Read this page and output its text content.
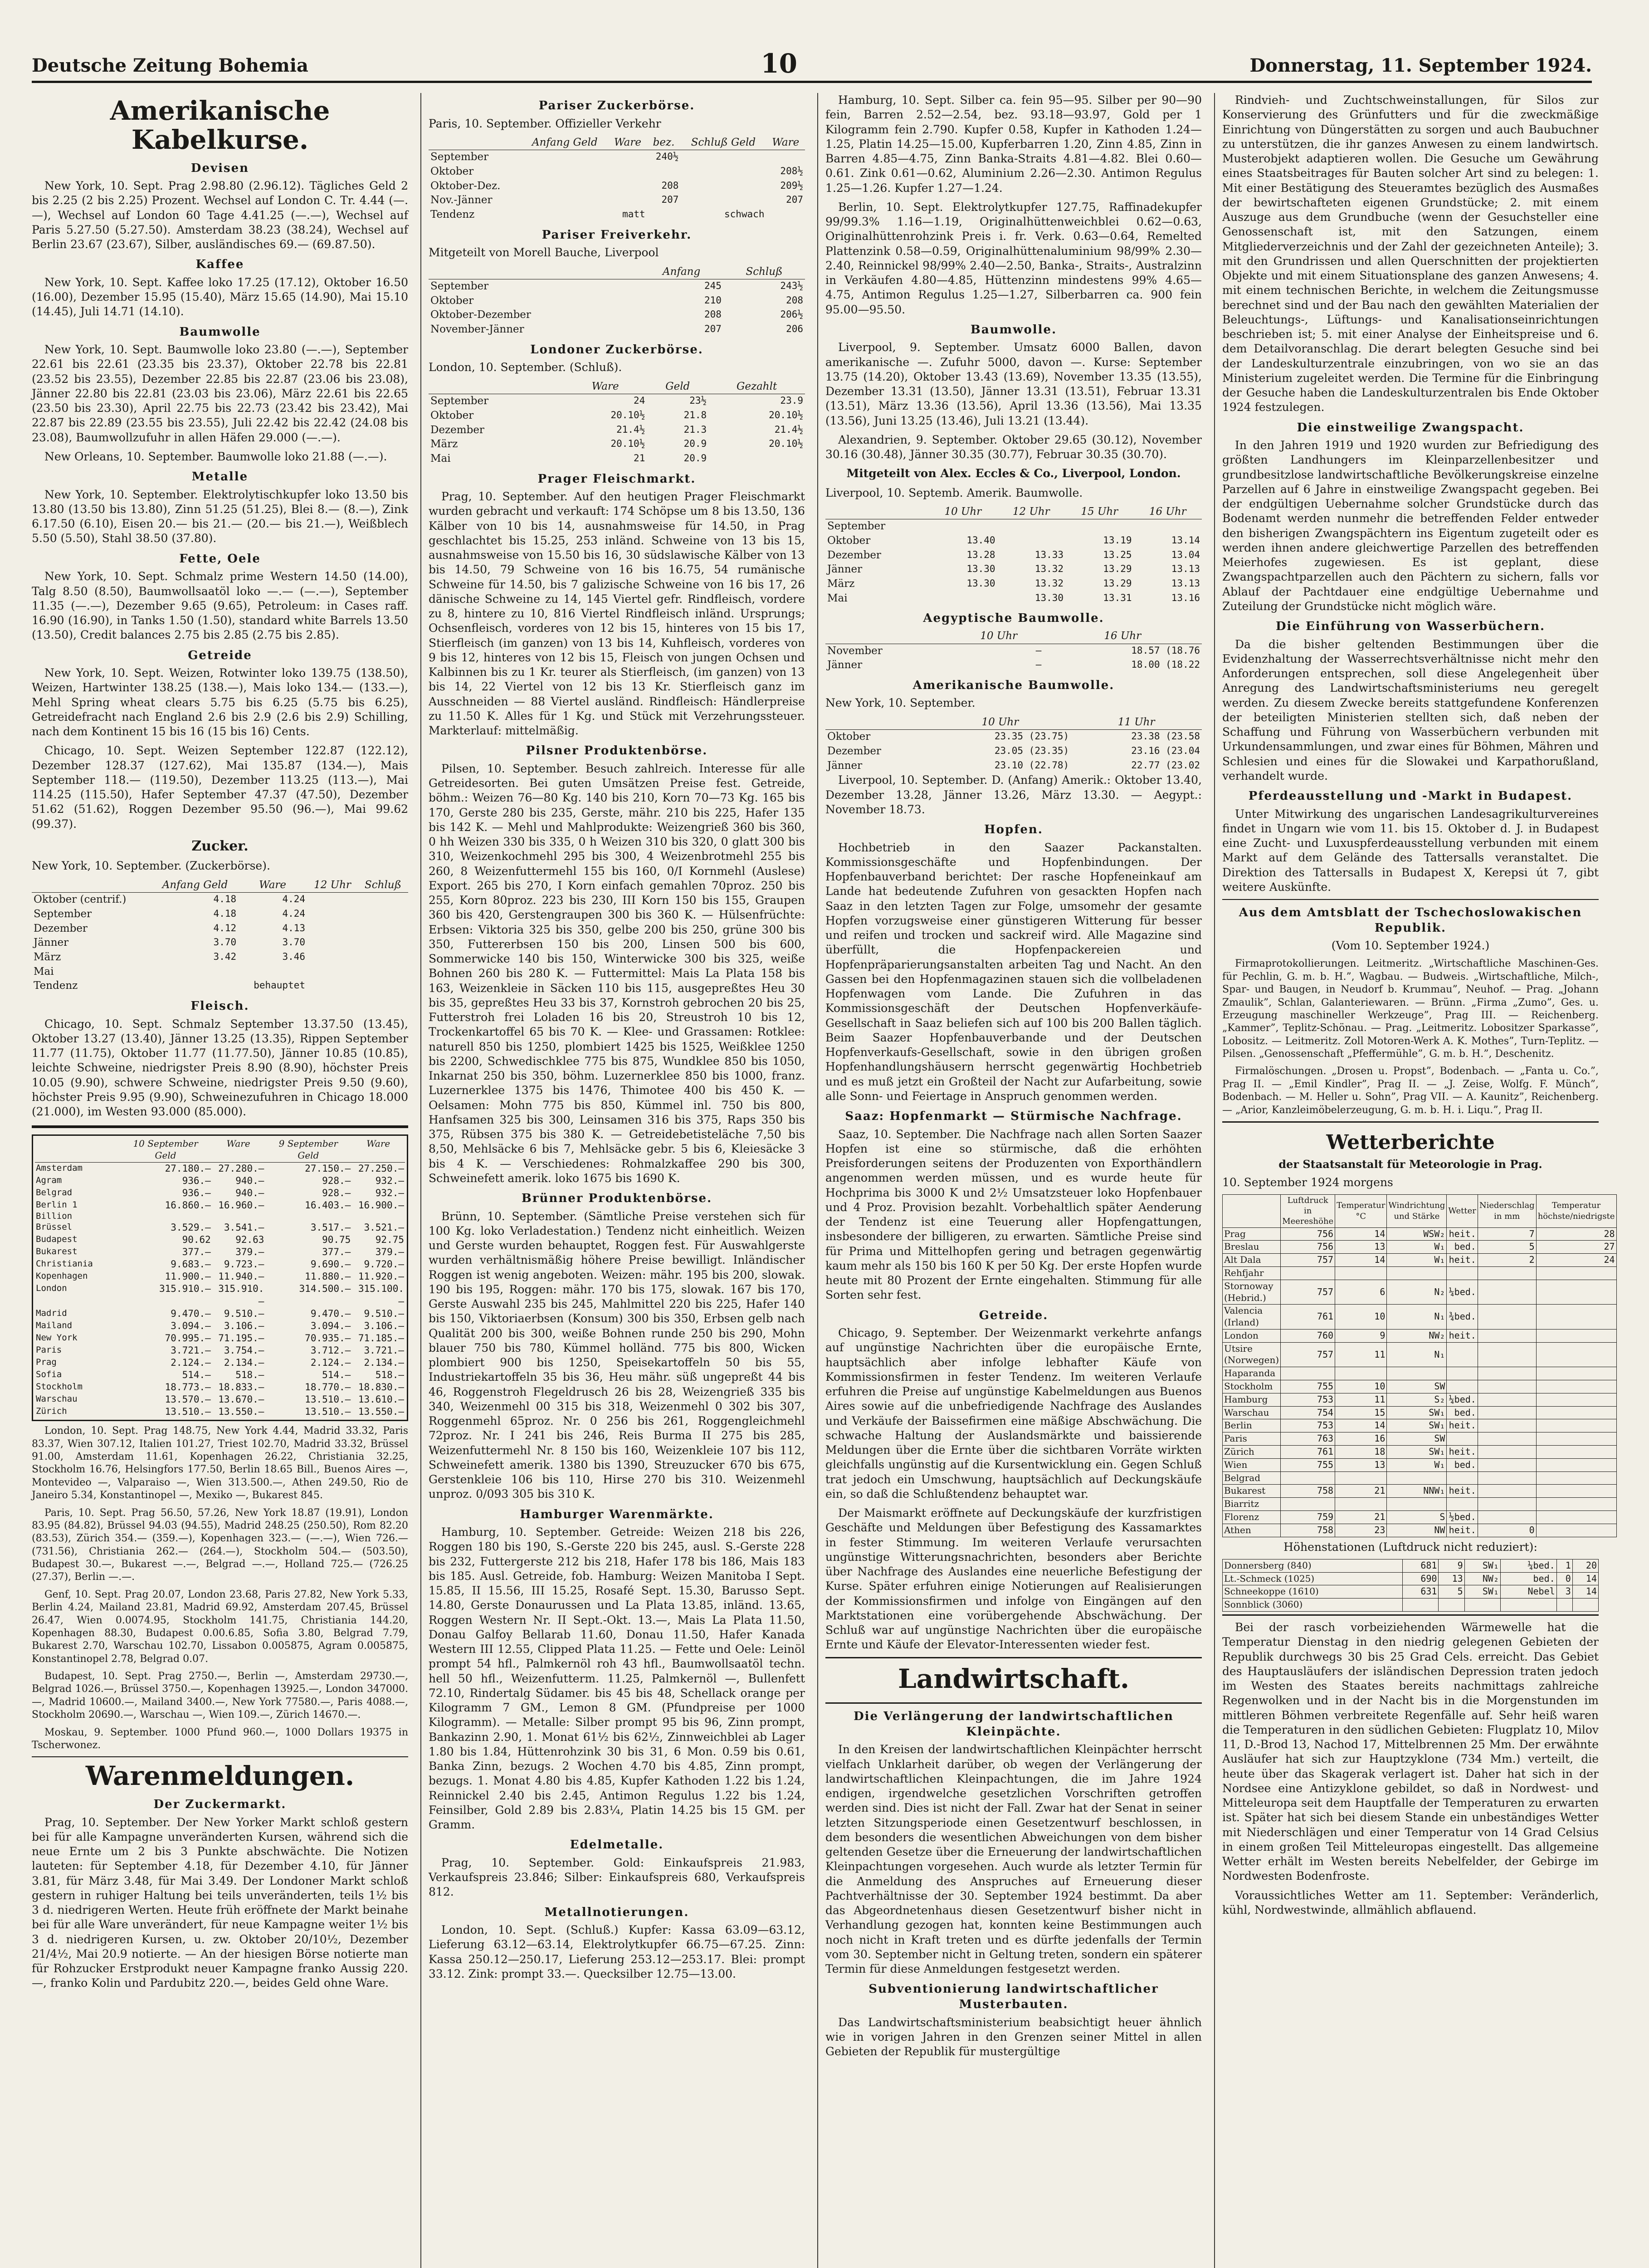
Deutsche Zeitung Bohemia	10	Donnerstag, 11. September 1924.
Amerikanische Kabelkurse.
Devisen

New York, 10. Sept. Prag 2.98.80 (2.96.12). Tägliches Geld 2 bis 2.25 (2 bis 2.25) Prozent. Wechsel auf London C. Tr. 4.44 (—.—), Wechsel auf London 60 Tage 4.41.25 (—.—), Wechsel auf Paris 5.27.50 (5.27.50). Amsterdam 38.23 (38.24), Wechsel auf Berlin 23.67 (23.67), Silber, ausländisches 69.— (69.87.50).

Kaffee

New York, 10. Sept. Kaffee loko 17.25 (17.12), Oktober 16.50 (16.00), Dezember 15.95 (15.40), März 15.65 (14.90), Mai 15.10 (14.45), Juli 14.71 (14.10).

Baumwolle

New York, 10. Sept. Baumwolle loko 23.80 (—.—), September 22.61 bis 22.61 (23.35 bis 23.37), Oktober 22.78 bis 22.81 (23.52 bis 23.55), Dezember 22.85 bis 22.87 (23.06 bis 23.08), Jänner 22.80 bis 22.81 (23.03 bis 23.06), März 22.61 bis 22.65 (23.50 bis 23.30), April 22.75 bis 22.73 (23.42 bis 23.42), Mai 22.87 bis 22.89 (23.55 bis 23.55), Juli 22.42 bis 22.42 (24.08 bis 23.08), Baumwollzufuhr in allen Häfen 29.000 (—.—).

New Orleans, 10. September. Baumwolle loko 21.88 (—.—).

Metalle

New York, 10. September. Elektrolytischkupfer loko 13.50 bis 13.80 (13.50 bis 13.80), Zinn 51.25 (51.25), Blei 8.— (8.—), Zink 6.17.50 (6.10), Eisen 20.— bis 21.— (20.— bis 21.—), Weißblech 5.50 (5.50), Stahl 38.50 (37.80).

Fette, Oele

New York, 10. Sept. Schmalz prime Western 14.50 (14.00), Talg 8.50 (8.50), Baumwollsaatöl loko —.— (—.—), September 11.35 (—.—), Dezember 9.65 (9.65), Petroleum: in Cases raff. 16.90 (16.90), in Tanks 1.50 (1.50), standard white Barrels 13.50 (13.50), Credit balances 2.75 bis 2.85 (2.75 bis 2.85).

Getreide

New York, 10. Sept. Weizen, Rotwinter loko 139.75 (138.50), Weizen, Hartwinter 138.25 (138.—), Mais loko 134.— (133.—), Mehl Spring wheat clears 5.75 bis 6.25 (5.75 bis 6.25), Getreidefracht nach England 2.6 bis 2.9 (2.6 bis 2.9) Schilling, nach dem Kontinent 15 bis 16 (15 bis 16) Cents.

Chicago, 10. Sept. Weizen September 122.87 (122.12), Dezember 128.37 (127.62), Mai 135.87 (134.—), Mais September 118.— (119.50), Dezember 113.25 (113.—), Mai 114.25 (115.50), Hafer September 47.37 (47.50), Dezember 51.62 (51.62), Roggen Dezember 95.50 (96.—), Mai 99.62 (99.37).

Zucker.

New York, 10. September. (Zuckerbörse).

	Anfang Geld	Ware	12 Uhr	Schluß
Oktober (centrif.)	4.18	4.24		
September	4.18	4.24		
Dezember	4.12	4.13		
Jänner	3.70	3.70		
März	3.42	3.46		
Mai				
Tendenz		behauptet		
Fleisch.

Chicago, 10. Sept. Schmalz September 13.37.50 (13.45), Oktober 13.27 (13.40), Jänner 13.25 (13.35), Rippen September 11.77 (11.75), Oktober 11.77 (11.77.50), Jänner 10.85 (10.85), leichte Schweine, niedrigster Preis 8.90 (8.90), höchster Preis 10.05 (9.90), schwere Schweine, niedrigster Preis 9.50 (9.60), höchster Preis 9.95 (9.90), Schweinezufuhren in Chicago 18.000 (21.000), im Westen 93.000 (85.000).

	10 September Geld	Ware	9 September Geld	Ware
Amsterdam	27.180.—	27.280.—	27.150.—	27.250.—
Agram	936.—	940.—	928.—	932.—
Belgrad	936.—	940.—	928.—	932.—
Berlin 1 Billion	16.860.—	16.960.—	16.403.—	16.900.—
Brüssel	3.529.—	3.541.—	3.517.—	3.521.—
Budapest	90.62	92.63	90.75	92.75
Bukarest	377.—	379.—	377.—	379.—
Christiania	9.683.—	9.723.—	9.690.—	9.720.—
Kopenhagen	11.900.—	11.940.—	11.880.—	11.920.—
London	315.910.—	315.910.—	314.500.—	315.100.—
Madrid	9.470.—	9.510.—	9.470.—	9.510.—
Mailand	3.094.—	3.106.—	3.094.—	3.106.—
New York	70.995.—	71.195.—	70.935.—	71.185.—
Paris	3.721.—	3.754.—	3.712.—	3.721.—
Prag	2.124.—	2.134.—	2.124.—	2.134.—
Sofia	514.—	518.—	514.—	518.—
Stockholm	18.773.—	18.833.—	18.770.—	18.830.—
Warschau	13.570.—	13.670.—	13.510.—	13.610.—
Zürich	13.510.—	13.550.—	13.510.—	13.550.—

London, 10. Sept. Prag 148.75, New York 4.44, Madrid 33.32, Paris 83.37, Wien 307.12, Italien 101.27, Triest 102.70, Madrid 33.32, Brüssel 91.00, Amsterdam 11.61, Kopenhagen 26.22, Christiania 32.25, Stockholm 16.76, Helsingfors 177.50, Berlin 18.65 Bill., Buenos Aires —, Montevideo —, Valparaiso —, Wien 313.500.—, Athen 249.50, Rio de Janeiro 5.34, Konstantinopel —, Mexiko —, Bukarest 845.

Paris, 10. Sept. Prag 56.50, 57.26, New York 18.87 (19.91), London 83.95 (84.82), Brüssel 94.03 (94.55), Madrid 248.25 (250.50), Rom 82.20 (83.53), Zürich 354.— (359.—), Kopenhagen 323.— (—.—), Wien 726.— (731.56), Christiania 262.— (264.—), Stockholm 504.— (503.50), Budapest 30.—, Bukarest —.—, Belgrad —.—, Holland 725.— (726.25 (27.37), Berlin —.—.

Genf, 10. Sept. Prag 20.07, London 23.68, Paris 27.82, New York 5.33, Berlin 4.24, Mailand 23.81, Madrid 69.92, Amsterdam 207.45, Brüssel 26.47, Wien 0.0074.95, Stockholm 141.75, Christiania 144.20, Kopenhagen 88.30, Budapest 0.00.6.85, Sofia 3.80, Belgrad 7.79, Bukarest 2.70, Warschau 102.70, Lissabon 0.005875, Agram 0.005875, Konstantinopel 2.78, Belgrad 0.07.

Budapest, 10. Sept. Prag 2750.—, Berlin —, Amsterdam 29730.—, Belgrad 1026.—, Brüssel 3750.—, Kopenhagen 13925.—, London 347000.—, Madrid 10600.—, Mailand 3400.—, New York 77580.—, Paris 4088.—, Stockholm 20690.—, Warschau —, Wien 109.—, Zürich 14670.—.

Moskau, 9. September. 1000 Pfund 960.—, 1000 Dollars 19375 in Tscherwonez.

Warenmeldungen.
Der Zuckermarkt.

Prag, 10. September. Der New Yorker Markt schloß gestern bei für alle Kampagne unveränderten Kursen, während sich die neue Ernte um 2 bis 3 Punkte abschwächte. Die Notizen lauteten: für September 4.18, für Dezember 4.10, für Jänner 3.81, für März 3.48, für Mai 3.49. Der Londoner Markt schloß gestern in ruhiger Haltung bei teils unveränderten, teils 1½ bis 3 d. niedrigeren Werten. Heute früh eröffnete der Markt beinahe bei für alle Ware unverändert, für neue Kampagne weiter 1½ bis 3 d. niedrigeren Kursen, u. zw. Oktober 20/10½, Dezember 21/4½, Mai 20.9 notierte. — An der hiesigen Börse notierte man für Rohzucker Erstprodukt neuer Kampagne franko Aussig 220.—, franko Kolin und Pardubitz 220.—, beides Geld ohne Ware.

Pariser Zuckerbörse.

Paris, 10. September. Offizieller Verkehr

	Anfang Geld	Ware	bez.	Schluß Geld	Ware
September			240½		
Oktober					208½
Oktober-Dez.			208		209½
Nov.-Jänner			207		207
Tendenz		matt		schwach	
Pariser Freiverkehr.

Mitgeteilt von Morell Bauche, Liverpool

	Anfang	Schluß
September	245	243½
Oktober	210	208
Oktober-Dezember	208	206½
November-Jänner	207	206
Londoner Zuckerbörse.

London, 10. September. (Schluß).

	Ware	Geld	Gezahlt
September	24	23½	23.9
Oktober	20.10½	21.8	20.10½
Dezember	21.4½	21.3	21.4½
März	20.10½	20.9	20.10½
Mai	21	20.9	
Prager Fleischmarkt.

Prag, 10. September. Auf den heutigen Prager Fleischmarkt wurden gebracht und verkauft: 174 Schöpse um 8 bis 13.50, 136 Kälber von 10 bis 14, ausnahmsweise für 14.50, in Prag geschlachtet bis 15.25, 253 inländ. Schweine von 13 bis 15, ausnahmsweise von 15.50 bis 16, 30 südslawische Kälber von 13 bis 14.50, 79 Schweine von 16 bis 16.75, 54 rumänische Schweine für 14.50, bis 7 galizische Schweine von 16 bis 17, 26 dänische Schweine zu 14, 145 Viertel gefr. Rindfleisch, vordere zu 8, hintere zu 10, 816 Viertel Rindfleisch inländ. Ursprungs; Ochsenfleisch, vorderes von 12 bis 15, hinteres von 15 bis 17, Stierfleisch (im ganzen) von 13 bis 14, Kuhfleisch, vorderes von 9 bis 12, hinteres von 12 bis 15, Fleisch von jungen Ochsen und Kalbinnen bis zu 1 Kr. teurer als Stierfleisch, (im ganzen) von 13 bis 14, 22 Viertel von 12 bis 13 Kr. Stierfleisch ganz im Ausschneiden — 88 Viertel ausländ. Rindfleisch: Händlerpreise zu 11.50 K. Alles für 1 Kg. und Stück mit Verzehrungssteuer. Markterlauf: mittelmäßig.

Pilsner Produktenbörse.

Pilsen, 10. September. Besuch zahlreich. Interesse für alle Getreidesorten. Bei guten Umsätzen Preise fest. Getreide, böhm.: Weizen 76—80 Kg. 140 bis 210, Korn 70—73 Kg. 165 bis 170, Gerste 280 bis 235, Gerste, mähr. 210 bis 225, Hafer 135 bis 142 K. — Mehl und Mahlprodukte: Weizengrieß 360 bis 360, 0 hh Weizen 330 bis 335, 0 h Weizen 310 bis 320, 0 glatt 300 bis 310, Weizenkochmehl 295 bis 300, 4 Weizenbrotmehl 255 bis 260, 8 Weizenfuttermehl 155 bis 160, 0/I Kornmehl (Auslese) Export. 265 bis 270, I Korn einfach gemahlen 70proz. 250 bis 255, Korn 80proz. 223 bis 230, III Korn 150 bis 155, Graupen 360 bis 420, Gerstengraupen 300 bis 360 K. — Hülsenfrüchte: Erbsen: Viktoria 325 bis 350, gelbe 200 bis 250, grüne 300 bis 350, Futtererbsen 150 bis 200, Linsen 500 bis 600, Sommerwicke 140 bis 150, Winterwicke 300 bis 325, weiße Bohnen 260 bis 280 K. — Futtermittel: Mais La Plata 158 bis 163, Weizenkleie in Säcken 110 bis 115, ausgepreßtes Heu 30 bis 35, gepreßtes Heu 33 bis 37, Kornstroh gebrochen 20 bis 25, Futterstroh frei Loladen 16 bis 20, Streustroh 10 bis 12, Trockenkartoffel 65 bis 70 K. — Klee- und Grassamen: Rotklee: naturell 850 bis 1250, plombiert 1425 bis 1525, Weißklee 1250 bis 2200, Schwedischklee 775 bis 875, Wundklee 850 bis 1050, Inkarnat 250 bis 350, böhm. Luzernerklee 850 bis 1000, franz. Luzernerklee 1375 bis 1476, Thimotee 400 bis 450 K. — Oelsamen: Mohn 775 bis 850, Kümmel inl. 750 bis 800, Hanfsamen 325 bis 300, Leinsamen 316 bis 375, Raps 350 bis 375, Rübsen 375 bis 380 K. — Getreidebetisteläche 7,50 bis 8,50, Mehlsäcke 6 bis 7, Mehlsäcke gebr. 5 bis 6, Kleiesäcke 3 bis 4 K. — Verschiedenes: Rohmalzkaffee 290 bis 300, Schweinefett amerik. loko 1675 bis 1690 K.

Brünner Produktenbörse.

Brünn, 10. September. (Sämtliche Preise verstehen sich für 100 Kg. loko Verladestation.) Tendenz nicht einheitlich. Weizen und Gerste wurden behauptet, Roggen fest. Für Auswahlgerste wurden verhältnismäßig höhere Preise bewilligt. Inländischer Roggen ist wenig angeboten. Weizen: mähr. 195 bis 200, slowak. 190 bis 195, Roggen: mähr. 170 bis 175, slowak. 167 bis 170, Gerste Auswahl 235 bis 245, Mahlmittel 220 bis 225, Hafer 140 bis 150, Viktoriaerbsen (Konsum) 300 bis 350, Erbsen gelb nach Qualität 200 bis 300, weiße Bohnen runde 250 bis 290, Mohn blauer 750 bis 780, Kümmel holländ. 775 bis 800, Wicken plombiert 900 bis 1250, Speisekartoffeln 50 bis 55, Industriekartoffeln 35 bis 36, Heu mähr. süß ungepreßt 44 bis 46, Roggenstroh Flegeldrusch 26 bis 28, Weizengrieß 335 bis 340, Weizenmehl 00 315 bis 318, Weizenmehl 0 302 bis 307, Roggenmehl 65proz. Nr. 0 256 bis 261, Roggengleichmehl 72proz. Nr. I 241 bis 246, Reis Burma II 275 bis 285, Weizenfuttermehl Nr. 8 150 bis 160, Weizenkleie 107 bis 112, Schweinefett amerik. 1380 bis 1390, Streuzucker 670 bis 675, Gerstenkleie 106 bis 110, Hirse 270 bis 310. Weizenmehl unproz. 0/093 305 bis 310 K.

Hamburger Warenmärkte.

Hamburg, 10. September. Getreide: Weizen 218 bis 226, Roggen 180 bis 190, S.-Gerste 220 bis 245, ausl. S.-Gerste 228 bis 232, Futtergerste 212 bis 218, Hafer 178 bis 186, Mais 183 bis 185. Ausl. Getreide, fob. Hamburg: Weizen Manitoba I Sept. 15.85, II 15.56, III 15.25, Rosafé Sept. 15.30, Barusso Sept. 14.80, Gerste Donaurussen und La Plata 13.85, inländ. 13.65, Roggen Western Nr. II Sept.-Okt. 13.—, Mais La Plata 11.50, Donau Galfoy Bellarab 11.60, Donau 11.50, Hafer Kanada Western III 12.55, Clipped Plata 11.25. — Fette und Oele: Leinöl prompt 54 hfl., Palmkernöl roh 43 hfl., Baumwollsaatöl techn. hell 50 hfl., Weizenfutterm. 11.25, Palmkernöl —, Bullenfett 72.10, Rindertalg Südamer. bis 45 bis 48, Schellack orange per Kilogramm 7 GM., Lemon 8 GM. (Pfundpreise per 1000 Kilogramm). — Metalle: Silber prompt 95 bis 96, Zinn prompt, Bankazinn 2.90, 1. Monat 61½ bis 62½, Zinnweichblei ab Lager 1.80 bis 1.84, Hüttenrohzink 30 bis 31, 6 Mon. 0.59 bis 0.61, Banka Zinn, bezugs. 2 Wochen 4.70 bis 4.85, Zinn prompt, bezugs. 1. Monat 4.80 bis 4.85, Kupfer Kathoden 1.22 bis 1.24, Reinnickel 2.40 bis 2.45, Antimon Regulus 1.22 bis 1.24, Feinsilber, Gold 2.89 bis 2.83¼, Platin 14.25 bis 15 GM. per Gramm.

Edelmetalle.

Prag, 10. September. Gold: Einkaufspreis 21.983, Verkaufspreis 23.846; Silber: Einkaufspreis 680, Verkaufspreis 812.

Metallnotierungen.

London, 10. Sept. (Schluß.) Kupfer: Kassa 63.09—63.12, Lieferung 63.12—63.14, Elektrolytkupfer 66.75—67.25. Zinn: Kassa 250.12—250.17, Lieferung 253.12—253.17. Blei: prompt 33.12. Zink: prompt 33.—. Quecksilber 12.75—13.00.

Hamburg, 10. Sept. Silber ca. fein 95—95. Silber per 90—90 fein, Barren 2.52—2.54, bez. 93.18—93.97, Gold per 1 Kilogramm fein 2.790. Kupfer 0.58, Kupfer in Kathoden 1.24—1.25, Platin 14.25—15.00, Kupferbarren 1.20, Zinn 4.85, Zinn in Barren 4.85—4.75, Zinn Banka-Straits 4.81—4.82. Blei 0.60—0.61. Zink 0.61—0.62, Aluminium 2.26—2.30. Antimon Regulus 1.25—1.26. Kupfer 1.27—1.24.

Berlin, 10. Sept. Elektrolytkupfer 127.75, Raffinadekupfer 99/99.3% 1.16—1.19, Originalhüttenweichblei 0.62—0.63, Originalhüttenrohzink Preis i. fr. Verk. 0.63—0.64, Remelted Plattenzink 0.58—0.59, Originalhüttenaluminium 98/99% 2.30—2.40, Reinnickel 98/99% 2.40—2.50, Banka-, Straits-, Australzinn in Verkäufen 4.80—4.85, Hüttenzinn mindestens 99% 4.65—4.75, Antimon Regulus 1.25—1.27, Silberbarren ca. 900 fein 95.00—95.50.

Baumwolle.

Liverpool, 9. September. Umsatz 6000 Ballen, davon amerikanische —. Zufuhr 5000, davon —. Kurse: September 13.75 (14.20), Oktober 13.43 (13.69), November 13.35 (13.55), Dezember 13.31 (13.50), Jänner 13.31 (13.51), Februar 13.31 (13.51), März 13.36 (13.56), April 13.36 (13.56), Mai 13.35 (13.56), Juni 13.25 (13.46), Juli 13.21 (13.44).

Alexandrien, 9. September. Oktober 29.65 (30.12), November 30.16 (30.48), Jänner 30.35 (30.77), Februar 30.35 (30.70).

Mitgeteilt von Alex. Eccles & Co., Liverpool, London.

Liverpool, 10. Septemb. Amerik. Baumwolle.

	10 Uhr	12 Uhr	15 Uhr	16 Uhr
September				
Oktober	13.40		13.19	13.14
Dezember	13.28	13.33	13.25	13.04
Jänner	13.30	13.32	13.29	13.13
März	13.30	13.32	13.29	13.13
Mai		13.30	13.31	13.16
Aegyptische Baumwolle.
	10 Uhr	16 Uhr
November	—	18.57 (18.76
Jänner	—	18.00 (18.22
Amerikanische Baumwolle.

New York, 10. September.

	10 Uhr	11 Uhr
Oktober	23.35 (23.75)	23.38 (23.58
Dezember	23.05 (23.35)	23.16 (23.04
Jänner	23.10 (22.78)	22.77 (23.02

Liverpool, 10. September. D. (Anfang) Amerik.: Oktober 13.40, Dezember 13.28, Jänner 13.26, März 13.30. — Aegypt.: November 18.73.

Hopfen.

Hochbetrieb in den Saazer Packanstalten. Kommissionsgeschäfte und Hopfenbindungen. Der Hopfenbauverband berichtet: Der rasche Hopfeneinkauf am Lande hat bedeutende Zufuhren von gesackten Hopfen nach Saaz in den letzten Tagen zur Folge, umsomehr der gesamte Hopfen vorzugsweise einer günstigeren Witterung für besser und reifen und trocken und sackreif wird. Alle Magazine sind überfüllt, die Hopfenpackereien und Hopfenpräparierungsanstalten arbeiten Tag und Nacht. An den Gassen bei den Hopfenmagazinen stauen sich die vollbeladenen Hopfenwagen vom Lande. Die Zufuhren in das Kommissionsgeschäft der Deutschen Hopfenverkäufe-Gesellschaft in Saaz beliefen sich auf 100 bis 200 Ballen täglich. Beim Saazer Hopfenbauverbande und der Deutschen Hopfenverkaufs-Gesellschaft, sowie in den übrigen großen Hopfenhandlungshäusern herrscht gegenwärtig Hochbetrieb und es muß jetzt ein Großteil der Nacht zur Aufarbeitung, sowie alle Sonn- und Feiertage in Anspruch genommen werden.

Saaz: Hopfenmarkt — Stürmische Nachfrage.

Saaz, 10. September. Die Nachfrage nach allen Sorten Saazer Hopfen ist eine so stürmische, daß die erhöhten Preisforderungen seitens der Produzenten von Exporthändlern angenommen werden müssen, und es wurde heute für Hochprima bis 3000 K und 2½ Umsatzsteuer loko Hopfenbauer und 4 Proz. Provision bezahlt. Vorbehaltlich später Aenderung der Tendenz ist eine Teuerung aller Hopfengattungen, insbesondere der billigeren, zu erwarten. Sämtliche Preise sind für Prima und Mittelhopfen gering und betragen gegenwärtig kaum mehr als 150 bis 160 K per 50 Kg. Der erste Hopfen wurde heute mit 80 Prozent der Ernte eingehalten. Stimmung für alle Sorten sehr fest.

Getreide.

Chicago, 9. September. Der Weizenmarkt verkehrte anfangs auf ungünstige Nachrichten über die europäische Ernte, hauptsächlich aber infolge lebhafter Käufe von Kommissionsfirmen in fester Tendenz. Im weiteren Verlaufe erfuhren die Preise auf ungünstige Kabelmeldungen aus Buenos Aires sowie auf die unbefriedigende Nachfrage des Auslandes und Verkäufe der Baissefirmen eine mäßige Abschwächung. Die schwache Haltung der Auslandsmärkte und baissierende Meldungen über die Ernte über die sichtbaren Vorräte wirkten gleichfalls ungünstig auf die Kursentwicklung ein. Gegen Schluß trat jedoch ein Umschwung, hauptsächlich auf Deckungskäufe ein, so daß die Schlußtendenz behauptet war.

Der Maismarkt eröffnete auf Deckungskäufe der kurzfristigen Geschäfte und Meldungen über Befestigung des Kassamarktes in fester Stimmung. Im weiteren Verlaufe verursachten ungünstige Witterungsnachrichten, besonders aber Berichte über Nachfrage des Auslandes eine neuerliche Befestigung der Kurse. Später erfuhren einige Notierungen auf Realisierungen der Kommissionsfirmen und infolge von Eingängen auf den Marktstationen eine vorübergehende Abschwächung. Der Schluß war auf ungünstige Nachrichten über die europäische Ernte und Käufe der Elevator-Interessenten wieder fest.

Landwirtschaft.
Die Verlängerung der landwirtschaftlichen Kleinpächte.

In den Kreisen der landwirtschaftlichen Kleinpächter herrscht vielfach Unklarheit darüber, ob wegen der Verlängerung der landwirtschaftlichen Kleinpachtungen, die im Jahre 1924 endigen, irgendwelche gesetzlichen Vorschriften getroffen werden sind. Dies ist nicht der Fall. Zwar hat der Senat in seiner letzten Sitzungsperiode einen Gesetzentwurf beschlossen, in dem besonders die wesentlichen Abweichungen von dem bisher geltenden Gesetze über die Erneuerung der landwirtschaftlichen Kleinpachtungen vorgesehen. Auch wurde als letzter Termin für die Anmeldung des Anspruches auf Erneuerung dieser Pachtverhältnisse der 30. September 1924 bestimmt. Da aber das Abgeordnetenhaus diesen Gesetzentwurf bisher nicht in Verhandlung gezogen hat, konnten keine Bestimmungen auch noch nicht in Kraft treten und es dürfte jedenfalls der Termin vom 30. September nicht in Geltung treten, sondern ein späterer Termin für diese Anmeldungen festgesetzt werden.

Subventionierung landwirtschaftlicher Musterbauten.

Das Landwirtschaftsministerium beabsichtigt heuer ähnlich wie in vorigen Jahren in den Grenzen seiner Mittel in allen Gebieten der Republik für mustergültige

Rindvieh- und Zuchtschweinstallungen, für Silos zur Konservierung des Grünfutters und für die zweckmäßige Einrichtung von Düngerstätten zu sorgen und auch Baubuchner zu unterstützen, die ihr ganzes Anwesen zu einem landwirtsch. Musterobjekt adaptieren wollen. Die Gesuche um Gewährung eines Staatsbeitrages für Bauten solcher Art sind zu belegen: 1. Mit einer Bestätigung des Steueramtes bezüglich des Ausmaßes der bewirtschafteten eigenen Grundstücke; 2. mit einem Auszuge aus dem Grundbuche (wenn der Gesuchsteller eine Genossenschaft ist, mit den Satzungen, einem Mitgliederverzeichnis und der Zahl der gezeichneten Anteile); 3. mit den Grundrissen und allen Querschnitten der projektierten Objekte und mit einem Situationsplane des ganzen Anwesens; 4. mit einem technischen Berichte, in welchem die Zeitungsmusse berechnet sind und der Bau nach den gewählten Materialien der Beleuchtungs-, Lüftungs- und Kanalisationseinrichtungen beschrieben ist; 5. mit einer Analyse der Einheitspreise und 6. dem Detailvoranschlag. Die derart belegten Gesuche sind bei der Landeskulturzentrale einzubringen, von wo sie an das Ministerium zugeleitet werden. Die Termine für die Einbringung der Gesuche haben die Landeskulturzentralen bis Ende Oktober 1924 festzulegen.

Die einstweilige Zwangspacht.

In den Jahren 1919 und 1920 wurden zur Befriedigung des größten Landhungers im Kleinparzellenbesitzer und grundbesitzlose landwirtschaftliche Bevölkerungskreise einzelne Parzellen auf 6 Jahre in einstweilige Zwangspacht gegeben. Bei der endgültigen Uebernahme solcher Grundstücke durch das Bodenamt werden nunmehr die betreffenden Felder entweder den bisherigen Zwangspächtern ins Eigentum zugeteilt oder es werden ihnen andere gleichwertige Parzellen des betreffenden Meierhofes zugewiesen. Es ist geplant, diese Zwangspachtparzellen auch den Pächtern zu sichern, falls vor Ablauf der Pachtdauer eine endgültige Uebernahme und Zuteilung der Grundstücke nicht möglich wäre.

Die Einführung von Wasserbüchern.

Da die bisher geltenden Bestimmungen über die Evidenzhaltung der Wasserrechtsverhältnisse nicht mehr den Anforderungen entsprechen, soll diese Angelegenheit über Anregung des Landwirtschaftsministeriums neu geregelt werden. Zu diesem Zwecke bereits stattgefundene Konferenzen der beteiligten Ministerien stellten sich, daß neben der Schaffung und Führung von Wasserbüchern verbunden mit Urkundensammlungen, und zwar eines für Böhmen, Mähren und Schlesien und eines für die Slowakei und Karpathorußland, verhandelt wurde.

Pferdeausstellung und -Markt in Budapest.

Unter Mitwirkung des ungarischen Landesagrikulturvereines findet in Ungarn wie vom 11. bis 15. Oktober d. J. in Budapest eine Zucht- und Luxuspferdeausstellung verbunden mit einem Markt auf dem Gelände des Tattersalls veranstaltet. Die Direktion des Tattersalls in Budapest X, Kerepsi út 7, gibt weitere Auskünfte.

Aus dem Amtsblatt der Tschechoslowakischen Republik.

(Vom 10. September 1924.)

Firmaprotokollierungen. Leitmeritz. „Wirtschaftliche Maschinen-Ges. für Pechlin, G. m. b. H.”, Wagbau. — Budweis. „Wirtschaftliche, Milch-, Spar- und Baugen, in Neudorf b. Krummau”, Neuhof. — Prag. „Johann Zmaulik”, Schlan, Galanteriewaren. — Brünn. „Firma „Zumo”, Ges. u. Erzeugung maschineller Werkzeuge”, Prag III. — Reichenberg. „Kammer”, Teplitz-Schönau. — Prag. „Leitmeritz. Lobositzer Sparkasse”, Lobositz. — Leitmeritz. Zoll Motoren-Werk A. K. Mothes”, Turn-Teplitz. — Pilsen. „Genossenschaft „Pfeffermühle”, G. m. b. H.”, Deschenitz.

Firmalöschungen. „Drosen u. Propst”, Bodenbach. — „Fanta u. Co.”, Prag II. — „Emil Kindler”, Prag II. — „J. Zeise, Wolfg. F. Münch”, Bodenbach. — M. Heller u. Sohn”, Prag VII. — A. Kaunitz”, Reichenberg. — „Arior, Kanzleimöbelerzeugung, G. m. b. H. i. Liqu.”, Prag II.

Wetterberichte
der Staatsanstalt für Meteorologie in Prag.

10. September 1924 morgens

	Luftdruck in Meereshöhe	Temperatur °C	Windrichtung und Stärke	Wetter	Niederschlag in mm	Temperatur höchste/niedrigste
Prag	756	14	WSW₂	heit.	7	28
Breslau	756	13	W₁	bed.	5	27
Alt Dala	757	14	W₁	heit.	2	24
Rehfjahr						
Stornoway (Hebrid.)	757	6	N₂	¼bed.		
Valencia (Irland)	761	10	N₁	¾bed.		
London	760	9	NW₂	heit.		
Utsire (Norwegen)	757	11	N₁			
Haparanda						
Stockholm	755	10	SW			
Hamburg	753	11	S₂	¼bed.		
Warschau	754	15	SW₁	bed.		
Berlin	753	14	SW₁	heit.		
Paris	763	16	SW			
Zürich	761	18	SW₁	heit.		
Wien	755	13	W₁	bed.		
Belgrad						
Bukarest	758	21	NNW₁	heit.		
Biarritz						
Florenz	759	21	S	½bed.		
Athen	758	23	NW	heit.	0	

Höhenstationen (Luftdruck nicht reduziert):

Donnersberg (840)	681	9	SW₁	¼bed.	1	20
Lt.-Schmeck (1025)	690	13	NW₂	bed.	0	14
Schneekoppe (1610)	631	5	SW₁	Nebel	3	14
Sonnblick (3060)						

Bei der rasch vorbeiziehenden Wärmewelle hat die Temperatur Dienstag in den niedrig gelegenen Gebieten der Republik durchwegs 30 bis 25 Grad Cels. erreicht. Das Gebiet des Hauptausläufers der isländischen Depression traten jedoch im Westen des Staates bereits nachmittags zahlreiche Regenwolken und in der Nacht bis in die Morgenstunden im mittleren Böhmen verbreitete Regenfälle auf. Sehr heiß waren die Temperaturen in den südlichen Gebieten: Flugplatz 10, Milov 11, D.-Brod 13, Nachod 17, Mittelbrennen 25 Mm. Der erwähnte Ausläufer hat sich zur Hauptzyklone (734 Mm.) verteilt, die heute über das Skagerak verlagert ist. Daher hat sich in der Nordsee eine Antizyklone gebildet, so daß in Nordwest- und Mitteleuropa seit dem Hauptfalle der Temperaturen zu erwarten ist. Später hat sich bei diesem Stande ein unbeständiges Wetter mit Niederschlägen und einer Temperatur von 14 Grad Celsius in einem großen Teil Mitteleuropas eingestellt. Das allgemeine Wetter erhält im Westen bereits Nebelfelder, der Gebirge im Nordwesten Bodenfroste.

Voraussichtliches Wetter am 11. September: Veränderlich, kühl, Nordwestwinde, allmählich abflauend.
